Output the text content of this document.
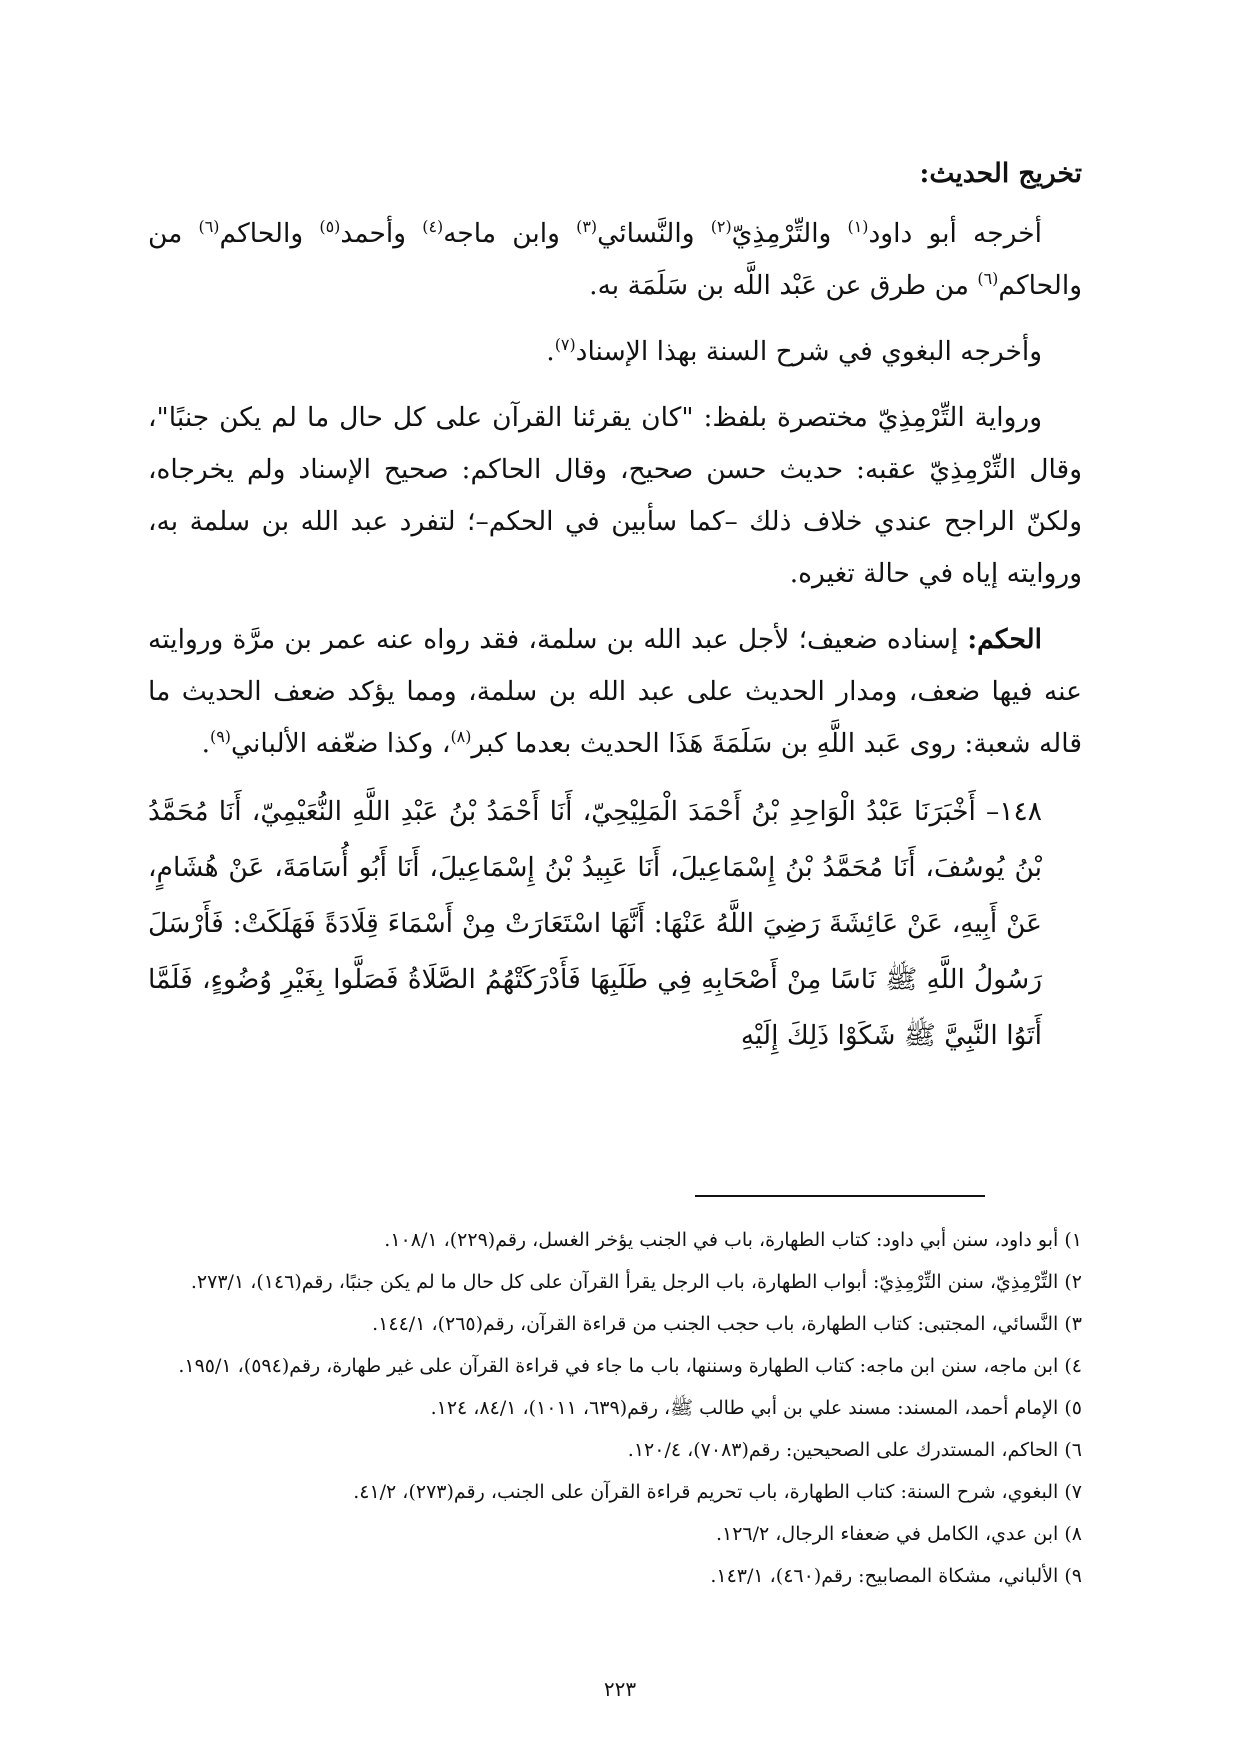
تخريج الحديث:

أخرجه أبو داود$^{(١)}$ والتِّرْمِذِيّ$^{(٢)}$ والنَّسائي$^{(٣)}$ وابن ماجه$^{(٤)}$ وأحمد$^{(٥)}$ والحاكم$^{(٦)}$ من والحاكم$^{(٦)}$ من طرق عن عَبْد اللَّه بن سَلَمَة به.

وأخرجه البغوي في شرح السنة بهذا الإسناد$^{(٧)}$.

ورواية التِّرْمِذِيّ مختصرة بلفظ: "كان يقرئنا القرآن على كل حال ما لم يكن جنبًا"، وقال التِّرْمِذِيّ عقبه: حديث حسن صحيح، وقال الحاكم: صحيح الإسناد ولم يخرجاه، ولكنّ الراجح عندي خلاف ذلك –كما سأبين في الحكم–؛ لتفرد عبد الله بن سلمة به، وروايته إياه في حالة تغيره.

الحكم: إسناده ضعيف؛ لأجل عبد الله بن سلمة، فقد رواه عنه عمر بن مرَّة وروايته عنه فيها ضعف، ومدار الحديث على عبد الله بن سلمة، ومما يؤكد ضعف الحديث ما قاله شعبة: روى عَبد اللَّهِ بن سَلَمَةَ هَذَا الحديث بعدما كبر$^{(٨)}$، وكذا ضعّفه الألباني$^{(٩)}$.

١٤٨– أَخْبَرَنَا عَبْدُ الْوَاحِدِ بْنُ أَحْمَدَ الْمَلِيْحِيّ، أَنَا أَحْمَدُ بْنُ عَبْدِ اللَّهِ النُّعَيْمِيّ، أَنَا مُحَمَّدُ بْنُ يُوسُفَ، أَنَا مُحَمَّدُ بْنُ إِسْمَاعِيلَ، أَنَا عَبِيدُ بْنُ إِسْمَاعِيلَ، أَنَا أَبُو أُسَامَةَ، عَنْ هُشَامٍ، عَنْ أَبِيهِ، عَنْ عَائِشَةَ رَضِيَ اللَّهُ عَنْهَا: أَنَّهَا اسْتَعَارَتْ مِنْ أَسْمَاءَ قِلَادَةً فَهَلَكَتْ: فَأَرْسَلَ رَسُولُ اللَّهِ ﷺ نَاسًا مِنْ أَصْحَابِهِ فِي طَلَبِهَا فَأَدْرَكَتْهُمُ الصَّلَاةُ فَصَلَّوا بِغَيْرِ وُضُوءٍ، فَلَمَّا أَتَوُا النَّبِيَّ ﷺ شَكَوْا ذَلِكَ إِلَيْهِ

١) أبو داود، سنن أبي داود: كتاب الطهارة، باب في الجنب يؤخر الغسل، رقم(٢٢٩)، ١٠٨/١.
٢) التِّرْمِذِيّ، سنن التِّرْمِذِيّ: أبواب الطهارة، باب الرجل يقرأ القرآن على كل حال ما لم يكن جنبًا، رقم(١٤٦)، ٢٧٣/١.
٣) النَّسائي، المجتبى: كتاب الطهارة، باب حجب الجنب من قراءة القرآن، رقم(٢٦٥)، ١٤٤/١.
٤) ابن ماجه، سنن ابن ماجه: كتاب الطهارة وسننها، باب ما جاء في قراءة القرآن على غير طهارة، رقم(٥٩٤)، ١٩٥/١.
٥) الإمام أحمد، المسند: مسند علي بن أبي طالب ﷺ، رقم(٦٣٩، ١٠١١)، ٨٤/١، ١٢٤.
٦) الحاكم، المستدرك على الصحيحين: رقم(٧٠٨٣)، ١٢٠/٤.
٧) البغوي، شرح السنة: كتاب الطهارة، باب تحريم قراءة القرآن على الجنب، رقم(٢٧٣)، ٤١/٢.
٨) ابن عدي، الكامل في ضعفاء الرجال، ١٢٦/٢.
٩) الألباني، مشكاة المصابيح: رقم(٤٦٠)، ١٤٣/١.
٢٢٣
